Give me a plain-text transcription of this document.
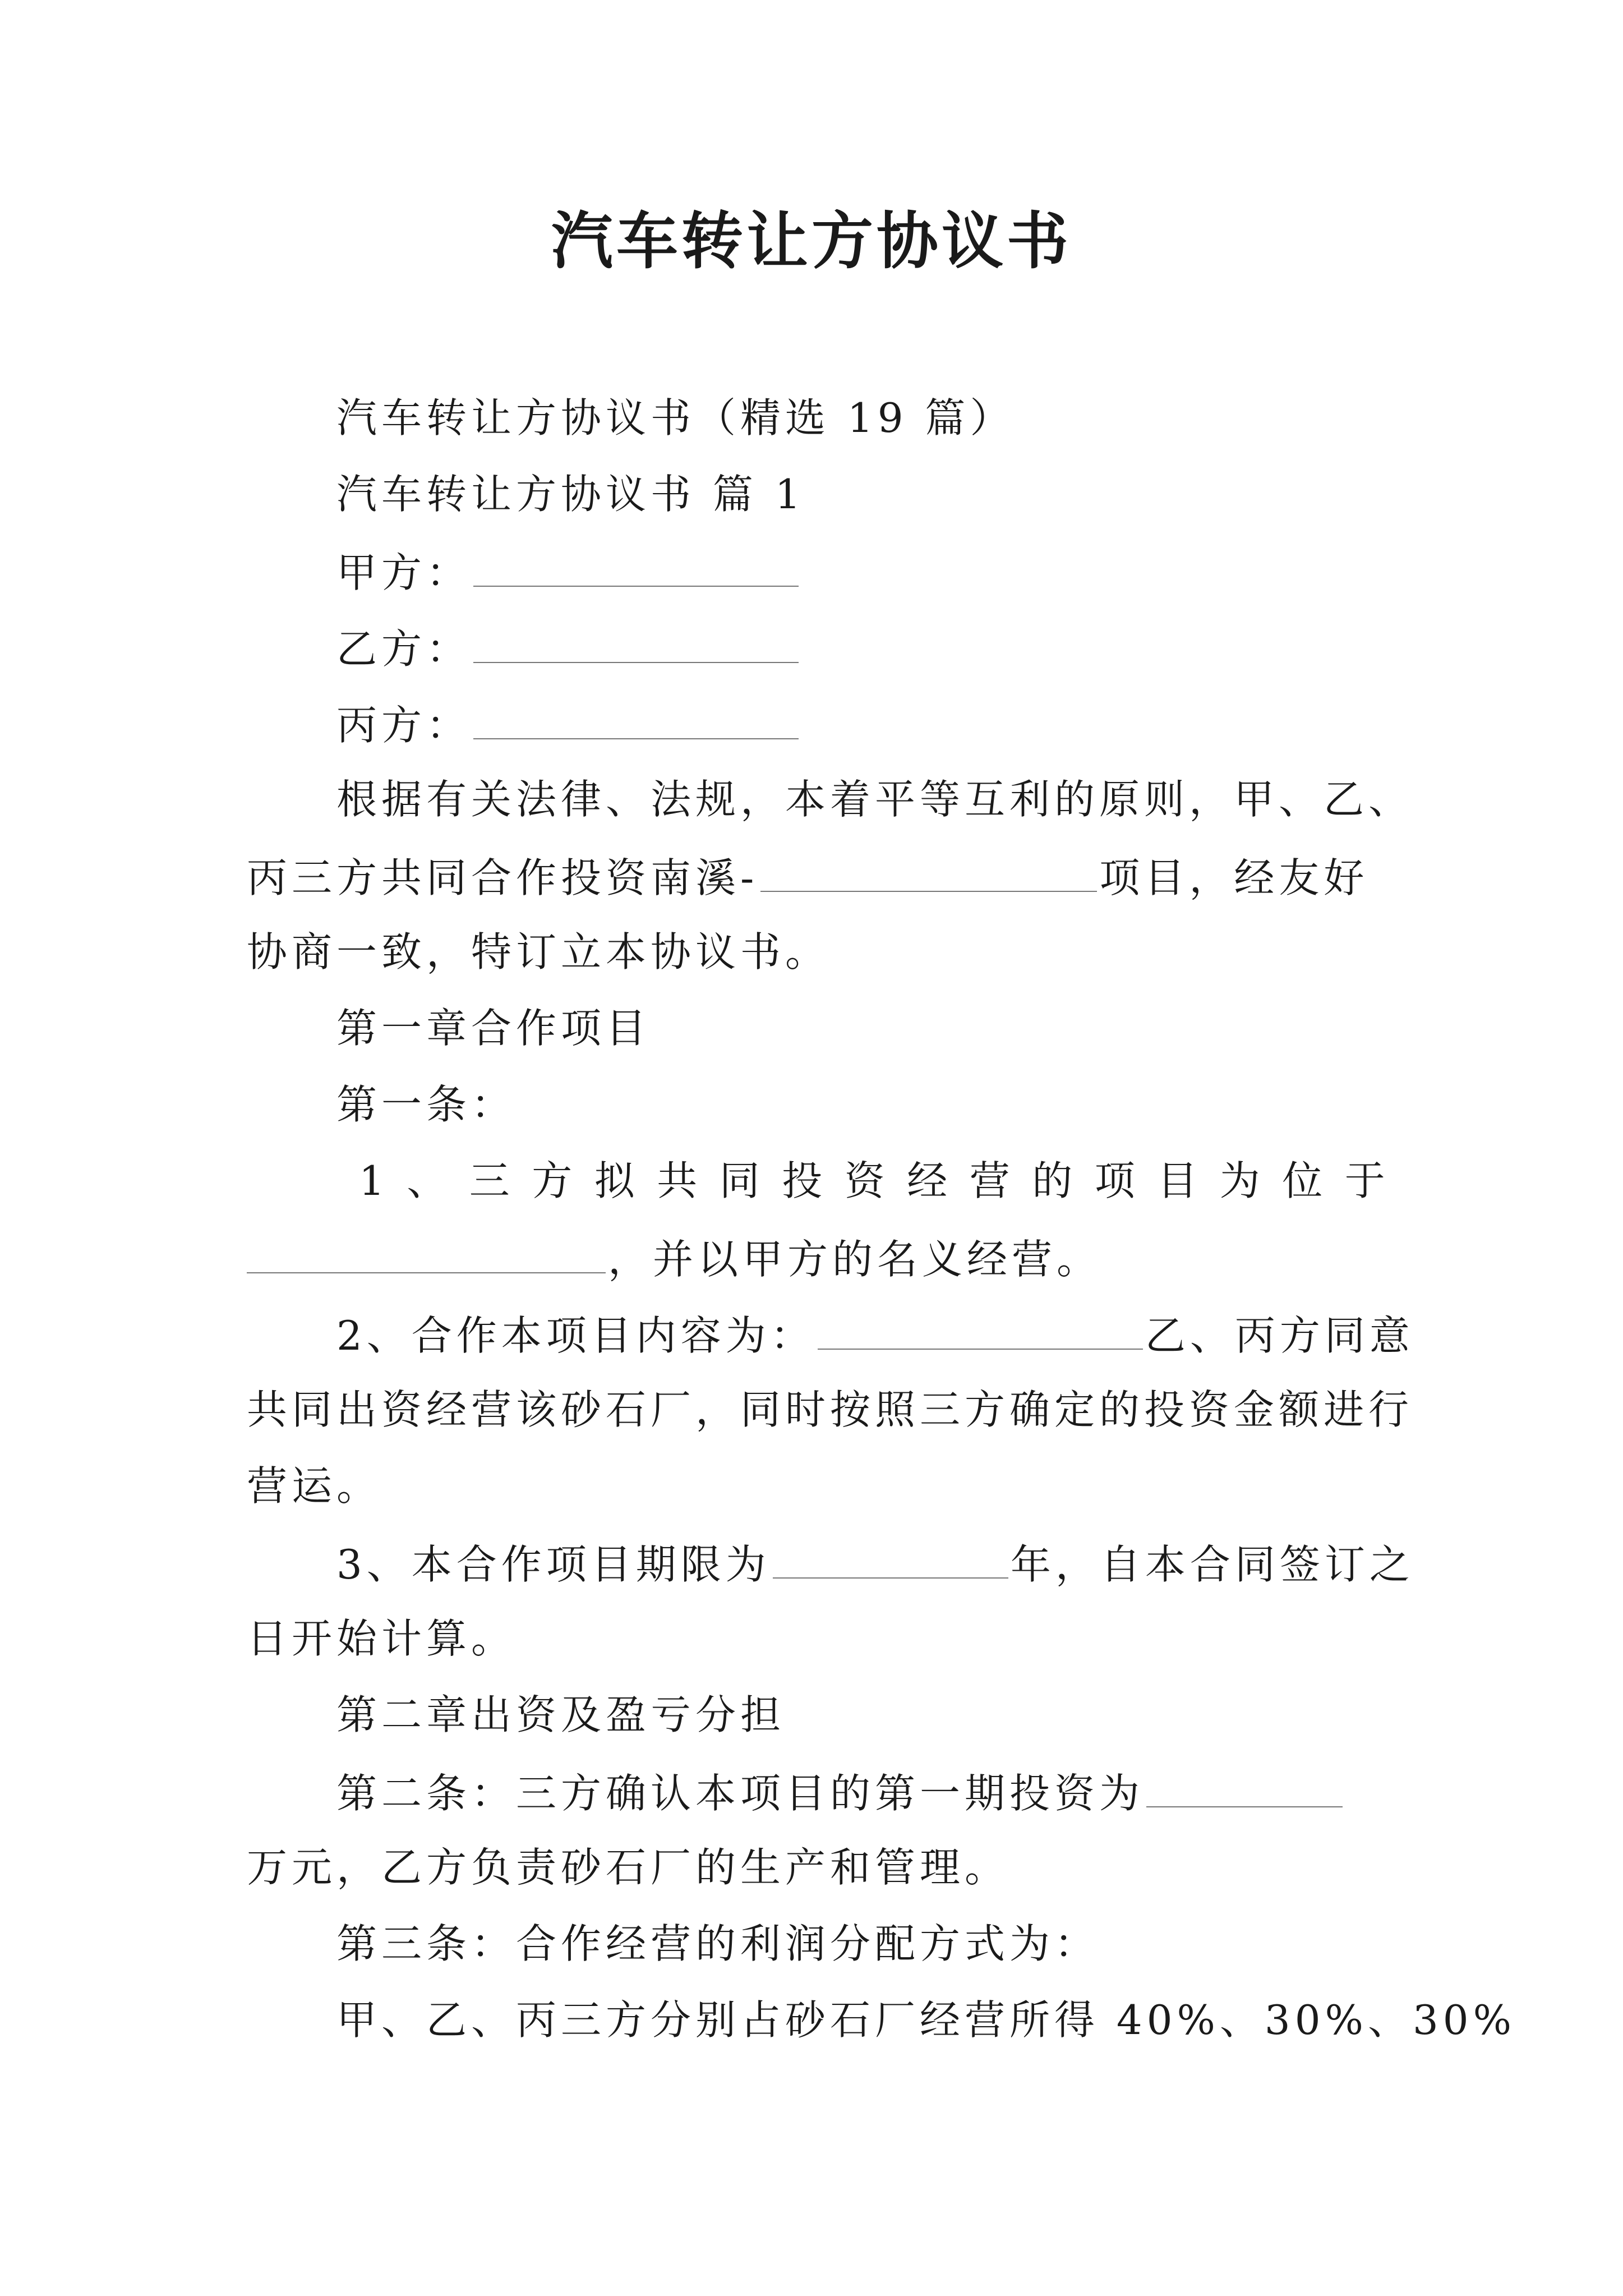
汽车转让方协议书
汽车转让方协议书（精选 19 篇）
汽车转让方协议书 篇 1
甲方：
乙方：
丙方：
根据有关法律、法规，本着平等互利的原则，甲、乙、
丙三方共同合作投资南溪-	项目，经友好
协商一致，特订立本协议书。
第一章合作项目
第一条：
1 、 三 方 拟 共 同 投 资 经 营 的 项 目 为 位 于
，并以甲方的名义经营。
2、合作本项目内容为：	乙、丙方同意
共同出资经营该砂石厂，同时按照三方确定的投资金额进行
营运。
3、本合作项目期限为	年，自本合同签订之
日开始计算。
第二章出资及盈亏分担
第二条：三方确认本项目的第一期投资为
万元，乙方负责砂石厂的生产和管理。
第三条：合作经营的利润分配方式为：
甲、乙、丙三方分别占砂石厂经营所得 40%、30%、30%
